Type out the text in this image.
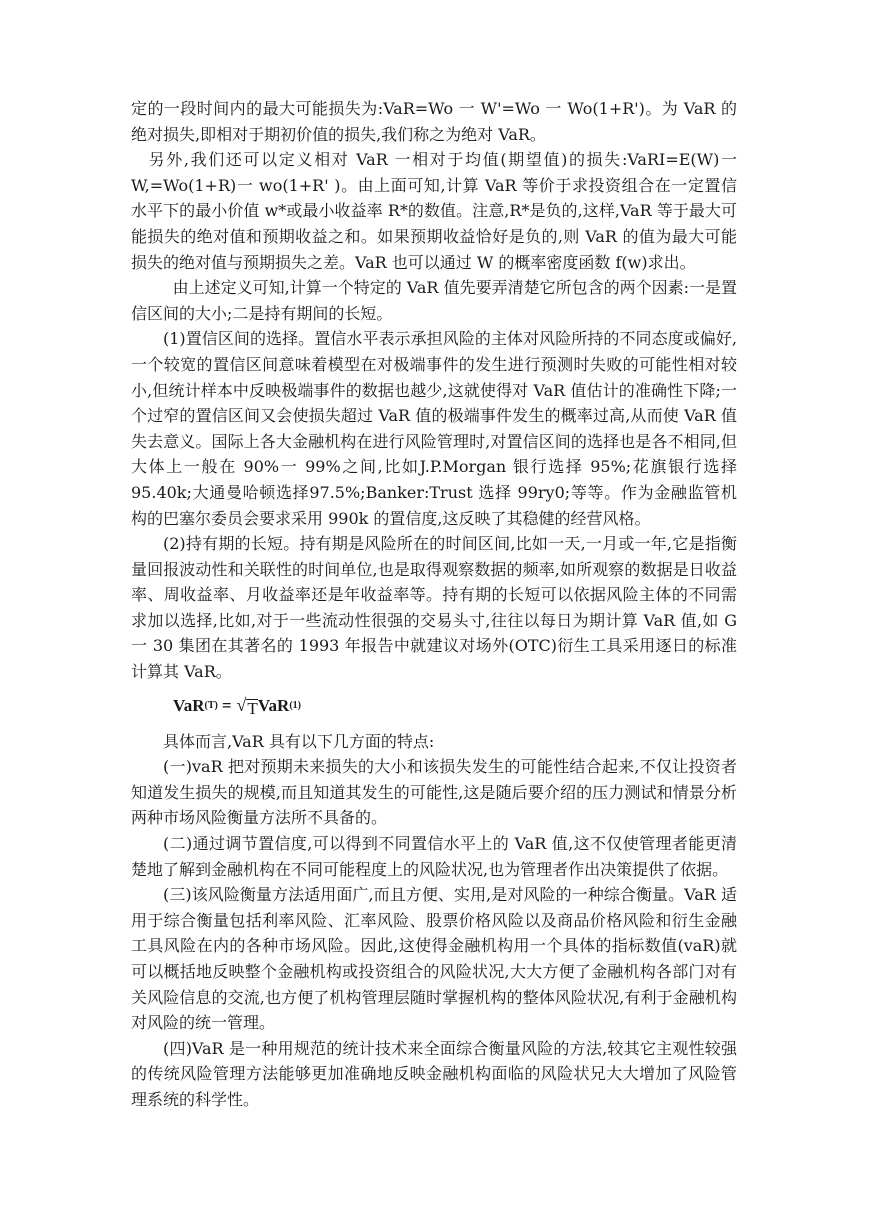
定的一段时间内的最大可能损失为:VaR=Wo 一 W'=Wo 一 Wo(1+R')。为 VaR 的绝对损失,即相对于期初价值的损失,我们称之为绝对 VaR。

另外,我们还可以定义相对 VaR 一相对于均值(期望值)的损失:VaRI=E(W)一W,=Wo(1+R)一 wo(1+R' )。由上面可知,计算 VaR 等价于求投资组合在一定置信水平下的最小价值 w*或最小收益率 R*的数值。注意,R*是负的,这样,VaR 等于最大可能损失的绝对值和预期收益之和。如果预期收益恰好是负的,则 VaR 的值为最大可能损失的绝对值与预期损失之差。VaR 也可以通过 W 的概率密度函数 f(w)求出。

由上述定义可知,计算一个特定的 VaR 值先要弄清楚它所包含的两个因素:一是置信区间的大小;二是持有期间的长短。

(1)置信区间的选择。置信水平表示承担风险的主体对风险所持的不同态度或偏好,一个较宽的置信区间意味着模型在对极端事件的发生进行预测时失败的可能性相对较小,但统计样本中反映极端事件的数据也越少,这就使得对 VaR 值估计的准确性下降;一个过窄的置信区间又会使损失超过 VaR 值的极端事件发生的概率过高,从而使 VaR 值失去意义。国际上各大金融机构在进行风险管理时,对置信区间的选择也是各不相同,但大体上一般在 90%一 99%之间,比如J.P.Morgan 银行选择 95%;花旗银行选择 95.40k;大通曼哈顿选择97.5%;Banker:Trust 选择 99ry0;等等。作为金融监管机构的巴塞尔委员会要求采用 990k 的置信度,这反映了其稳健的经营风格。

(2)持有期的长短。持有期是风险所在的时间区间,比如一天,一月或一年,它是指衡量回报波动性和关联性的时间单位,也是取得观察数据的频率,如所观察的数据是日收益率、周收益率、月收益率还是年收益率等。持有期的长短可以依据风险主体的不同需求加以选择,比如,对于一些流动性很强的交易头寸,往往以每日为期计算 VaR 值,如 G 一 30 集团在其著名的 1993 年报告中就建议对场外(OTC)衍生工具采用逐日的标准计算其 VaR。

VaR (T) = √ T VaR (1)

具体而言,VaR 具有以下几方面的特点:

(一)vaR 把对预期未来损失的大小和该损失发生的可能性结合起来,不仅让投资者知道发生损失的规模,而且知道其发生的可能性,这是随后要介绍的压力测试和情景分析两种市场风险衡量方法所不具备的。

(二)通过调节置信度,可以得到不同置信水平上的 VaR 值,这不仅使管理者能更清楚地了解到金融机构在不同可能程度上的风险状况,也为管理者作出决策提供了依据。

(三)该风险衡量方法适用面广,而且方便、实用,是对风险的一种综合衡量。VaR 适用于综合衡量包括利率风险、汇率风险、股票价格风险以及商品价格风险和衍生金融工具风险在内的各种市场风险。因此,这使得金融机构用一个具体的指标数值(vaR)就可以概括地反映整个金融机构或投资组合的风险状况,大大方便了金融机构各部门对有关风险信息的交流,也方便了机构管理层随时掌握机构的整体风险状况,有利于金融机构对风险的统一管理。

(四)VaR 是一种用规范的统计技术来全面综合衡量风险的方法,较其它主观性较强的传统风险管理方法能够更加准确地反映金融机构面临的风险状兄大大增加了风险管理系统的科学性。
